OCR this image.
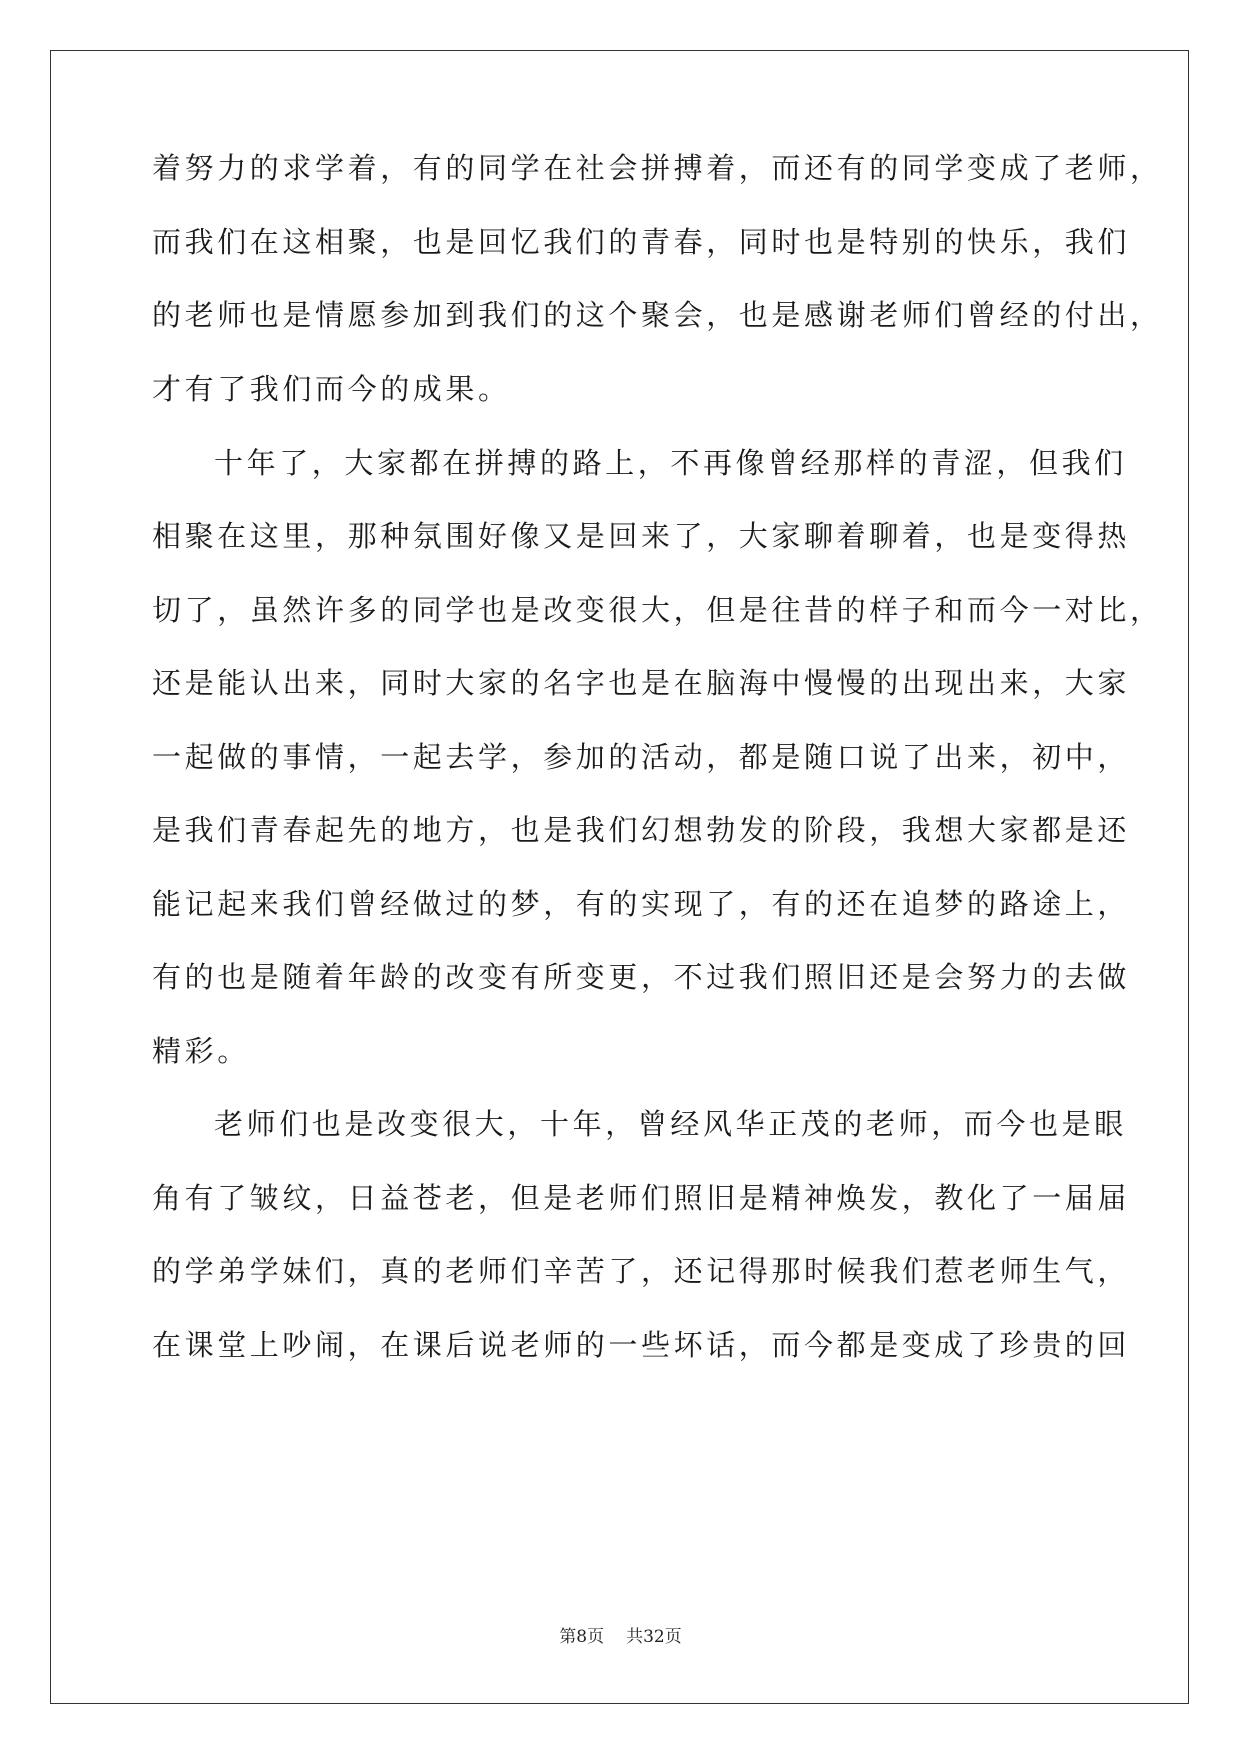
着努力的求学着，有的同学在社会拼搏着，而还有的同学变成了老师，
而我们在这相聚，也是回忆我们的青春，同时也是特别的快乐，我们
的老师也是情愿参加到我们的这个聚会，也是感谢老师们曾经的付出，
才有了我们而今的成果。
十年了，大家都在拼搏的路上，不再像曾经那样的青涩，但我们
相聚在这里，那种氛围好像又是回来了，大家聊着聊着，也是变得热
切了，虽然许多的同学也是改变很大，但是往昔的样子和而今一对比，
还是能认出来，同时大家的名字也是在脑海中慢慢的出现出来，大家
一起做的事情，一起去学，参加的活动，都是随口说了出来，初中，
是我们青春起先的地方，也是我们幻想勃发的阶段，我想大家都是还
能记起来我们曾经做过的梦，有的实现了，有的还在追梦的路途上，
有的也是随着年龄的改变有所变更，不过我们照旧还是会努力的去做
精彩。
老师们也是改变很大，十年，曾经风华正茂的老师，而今也是眼
角有了皱纹，日益苍老，但是老师们照旧是精神焕发，教化了一届届
的学弟学妹们，真的老师们辛苦了，还记得那时候我们惹老师生气，
在课堂上吵闹，在课后说老师的一些坏话，而今都是变成了珍贵的回
第8页 共32页
